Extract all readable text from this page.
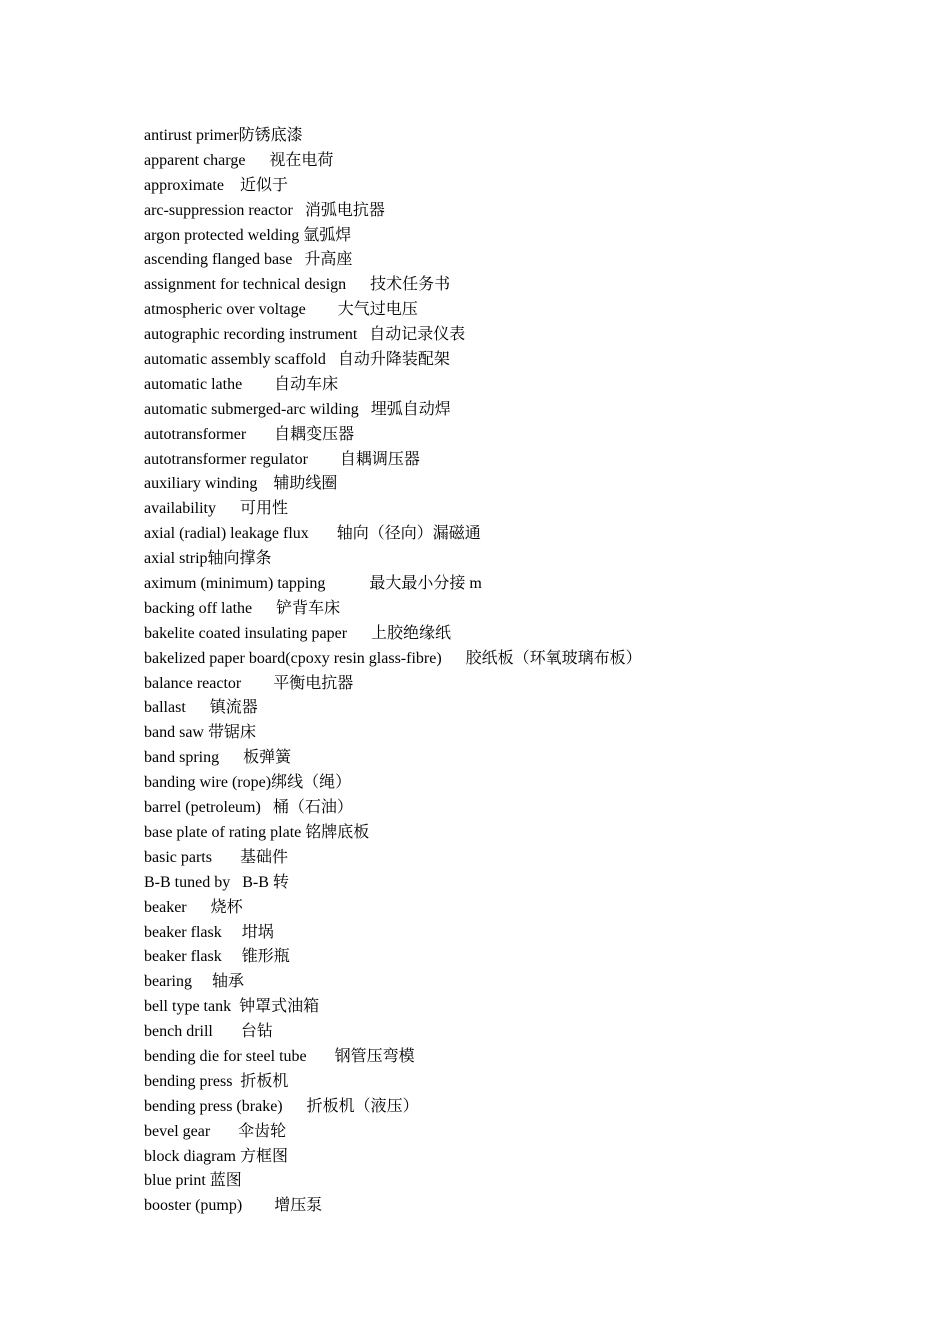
antirust primer防锈底漆
apparent charge      视在电荷
approximate    近似于
arc-suppression reactor   消弧电抗器
argon protected welding 氩弧焊
ascending flanged base   升高座
assignment for technical design      技术任务书
atmospheric over voltage        大气过电压
autographic recording instrument   自动记录仪表
automatic assembly scaffold   自动升降装配架
automatic lathe        自动车床
automatic submerged-arc wilding   埋弧自动焊
autotransformer       自耦变压器
autotransformer regulator        自耦调压器
auxiliary winding    辅助线圈
availability      可用性
axial (radial) leakage flux       轴向（径向）漏磁通
axial strip轴向撑条
aximum (minimum) tapping           最大最小分接 m
backing off lathe      铲背车床
bakelite coated insulating paper      上胶绝缘纸
bakelized paper board(cpoxy resin glass-fibre)      胶纸板（环氧玻璃布板）
balance reactor        平衡电抗器
ballast      镇流器
band saw 带锯床
band spring      板弹簧
banding wire (rope)绑线（绳）
barrel (petroleum)   桶（石油）
base plate of rating plate 铭牌底板
basic parts       基础件
B-B tuned by   B-B 转
beaker      烧杯
beaker flask     坩埚
beaker flask     锥形瓶
bearing     轴承
bell type tank  钟罩式油箱
bench drill       台钻
bending die for steel tube       钢管压弯模
bending press  折板机
bending press (brake)      折板机（液压）
bevel gear       伞齿轮
block diagram 方框图
blue print 蓝图
booster (pump)        增压泵
